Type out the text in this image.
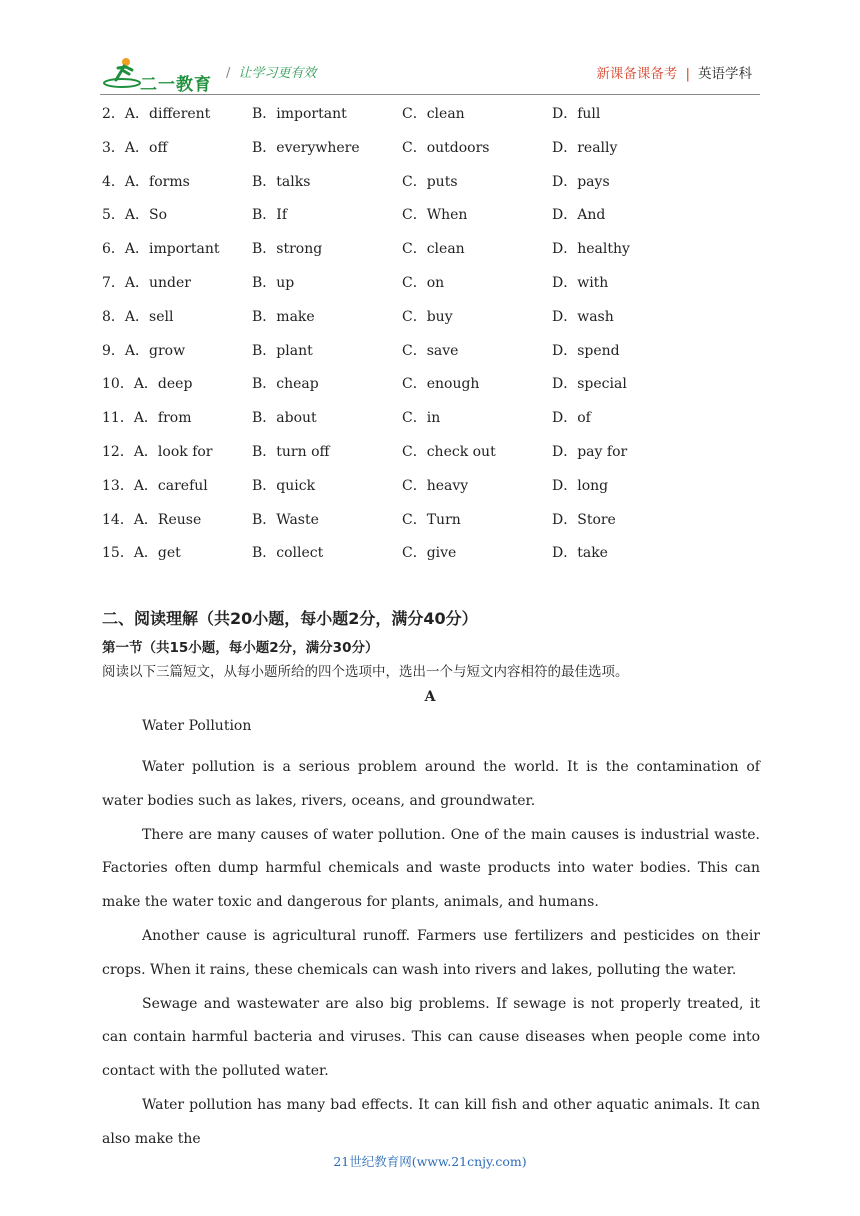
二一教育
/ 让学习更有效	新课备课备考 | 英语学科
2．A．different	B．important	C．clean	D．full
3．A．off	B．everywhere	C．outdoors	D．really
4．A．forms	B．talks	C．puts	D．pays
5．A．So	B．If	C．When	D．And
6．A．important B．strong	C．clean	D．healthy
7．A．under	B．up	C．on	D．with
8．A．sell	B．make	C．buy	D．wash
9．A．grow	B．plant	C．save	D．spend
10．A．deep	B．cheap	C．enough	D．special
11．A．from	B．about	C．in	D．of
12．A．look for	B．turn off	C．check out	D．pay for
13．A．careful	B．quick	C．heavy	D．long
14．A．Reuse	B．Waste	C．Turn	D．Store
15．A．get	B．collect	C．give	D．take
二、阅读理解（共20小题，每小题2分，满分40分）
第一节（共15小题，每小题2分，满分30分）
阅读以下三篇短文，从每小题所给的四个选项中，选出一个与短文内容相符的最佳选项。
A
Water Pollution

Water pollution is a serious problem around the world. It is the contamination of water bodies such as lakes, rivers, oceans, and groundwater.

There are many causes of water pollution. One of the main causes is industrial waste. Factories often dump harmful chemicals and waste products into water bodies. This can make the water toxic and dangerous for plants, animals, and humans.

Another cause is agricultural runoff. Farmers use fertilizers and pesticides on their crops. When it rains, these chemicals can wash into rivers and lakes, polluting the water.

Sewage and wastewater are also big problems. If sewage is not properly treated, it can contain harmful bacteria and viruses. This can cause diseases when people come into contact with the polluted water.

Water pollution has many bad effects. It can kill fish and other aquatic animals. It can also make the

21世纪教育网(www.21cnjy.com)
